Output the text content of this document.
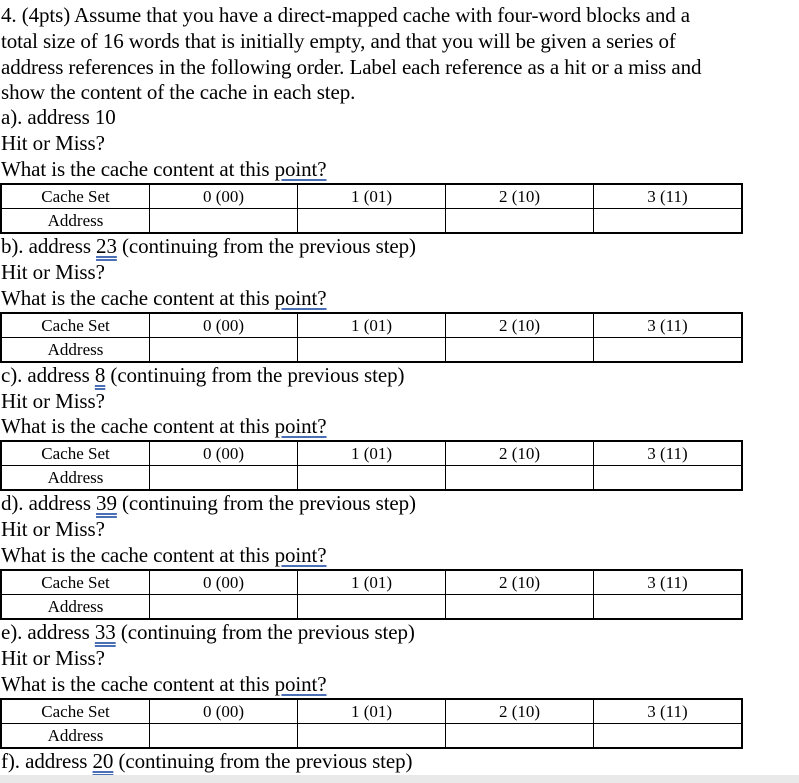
4. (4pts) Assume that you have a direct-mapped cache with four-word blocks and a
total size of 16 words that is initially empty, and that you will be given a series of
address references in the following order. Label each reference as a hit or a miss and
show the content of the cache in each step.
a). address 10
Hit or Miss?
What is the cache content at this point?
Cache Set	0 (00)	1 (01)	2 (10)	3 (11)
Address				
b). address 23 (continuing from the previous step)
Hit or Miss?
What is the cache content at this point?
Cache Set	0 (00)	1 (01)	2 (10)	3 (11)
Address				
c). address 8 (continuing from the previous step)
Hit or Miss?
What is the cache content at this point?
Cache Set	0 (00)	1 (01)	2 (10)	3 (11)
Address				
d). address 39 (continuing from the previous step)
Hit or Miss?
What is the cache content at this point?
Cache Set	0 (00)	1 (01)	2 (10)	3 (11)
Address				
e). address 33 (continuing from the previous step)
Hit or Miss?
What is the cache content at this point?
Cache Set	0 (00)	1 (01)	2 (10)	3 (11)
Address				
f). address 20 (continuing from the previous step)
